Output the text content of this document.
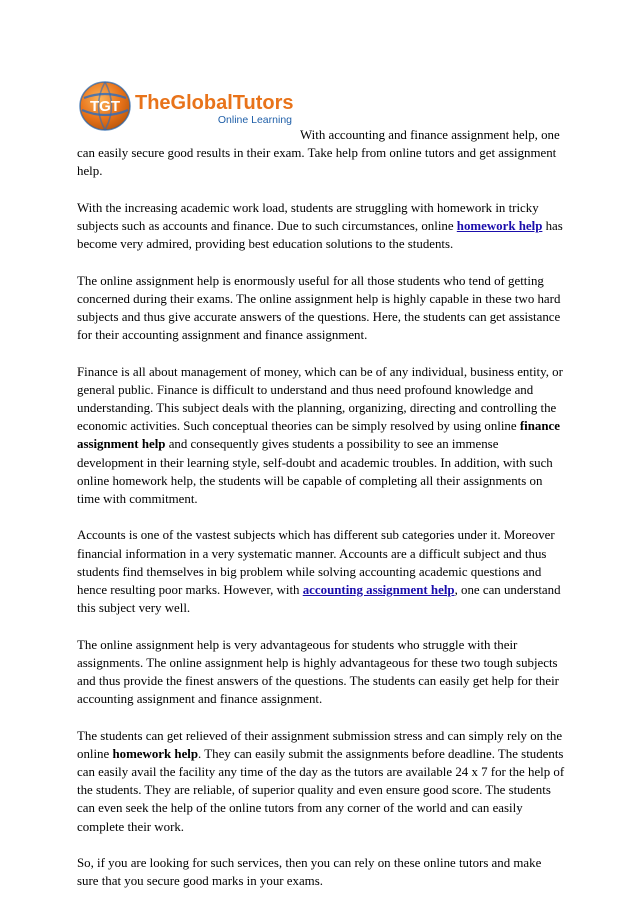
TGT TheGlobalTutors
Online Learning

With accounting and finance assignment help, one
can easily secure good results in their exam. Take help from online tutors and get assignment help.

With the increasing academic work load, students are struggling with homework in tricky subjects such as accounts and finance. Due to such circumstances, online homework help has become very admired, providing best education solutions to the students.

The online assignment help is enormously useful for all those students who tend of getting concerned during their exams. The online assignment help is highly capable in these two hard subjects and thus give accurate answers of the questions. Here, the students can get assistance for their accounting assignment and finance assignment.

Finance is all about management of money, which can be of any individual, business entity, or general public. Finance is difficult to understand and thus need profound knowledge and understanding. This subject deals with the planning, organizing, directing and controlling the economic activities. Such conceptual theories can be simply resolved by using online finance assignment help and consequently gives students a possibility to see an immense development in their learning style, self-doubt and academic troubles. In addition, with such online homework help, the students will be capable of completing all their assignments on time with commitment.

Accounts is one of the vastest subjects which has different sub categories under it. Moreover financial information in a very systematic manner. Accounts are a difficult subject and thus students find themselves in big problem while solving accounting academic questions and hence resulting poor marks. However, with accounting assignment help, one can understand this subject very well.

The online assignment help is very advantageous for students who struggle with their assignments. The online assignment help is highly advantageous for these two tough subjects and thus provide the finest answers of the questions. The students can easily get help for their accounting assignment and finance assignment.

The students can get relieved of their assignment submission stress and can simply rely on the online homework help. They can easily submit the assignments before deadline. The students can easily avail the facility any time of the day as the tutors are available 24 x 7 for the help of the students. They are reliable, of superior quality and even ensure good score. The students can even seek the help of the online tutors from any corner of the world and can easily complete their work.

So, if you are looking for such services, then you can rely on these online tutors and make sure that you secure good marks in your exams.
